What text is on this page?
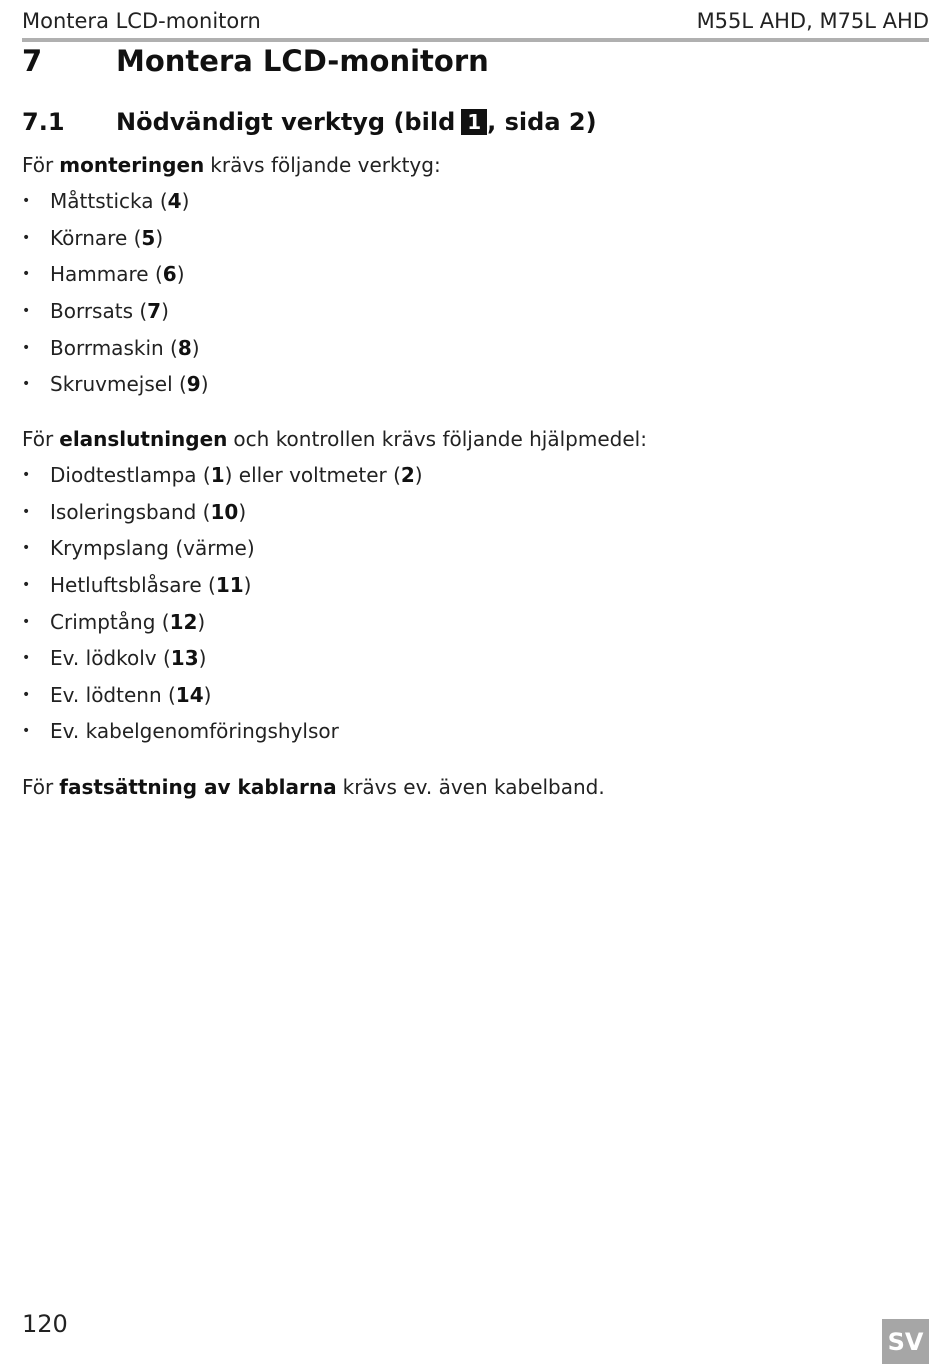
Montera LCD-monitorn	M55L AHD, M75L AHD
7	Montera LCD-monitorn
7.1	Nödvändigt verktyg (bild 1 , sida 2)
För monteringen krävs följande verktyg:
• Måttsticka ( 4 )
• Körnare ( 5 )
• Hammare ( 6 )
• Borrsats ( 7 )
• Borrmaskin ( 8 )
• Skruvmejsel ( 9 )
För elanslutningen och kontrollen krävs följande hjälpmedel:
• Diodtestlampa ( 1 ) eller voltmeter ( 2 )
• Isoleringsband ( 10 )
• Krympslang (värme)
• Hetluftsblåsare ( 11 )
• Crimptång ( 12 )
• Ev. lödkolv ( 13 )
• Ev. lödtenn ( 14 )
• Ev. kabelgenomföringshylsor
För fastsättning av kablarna krävs ev. även kabelband.
120
SV
